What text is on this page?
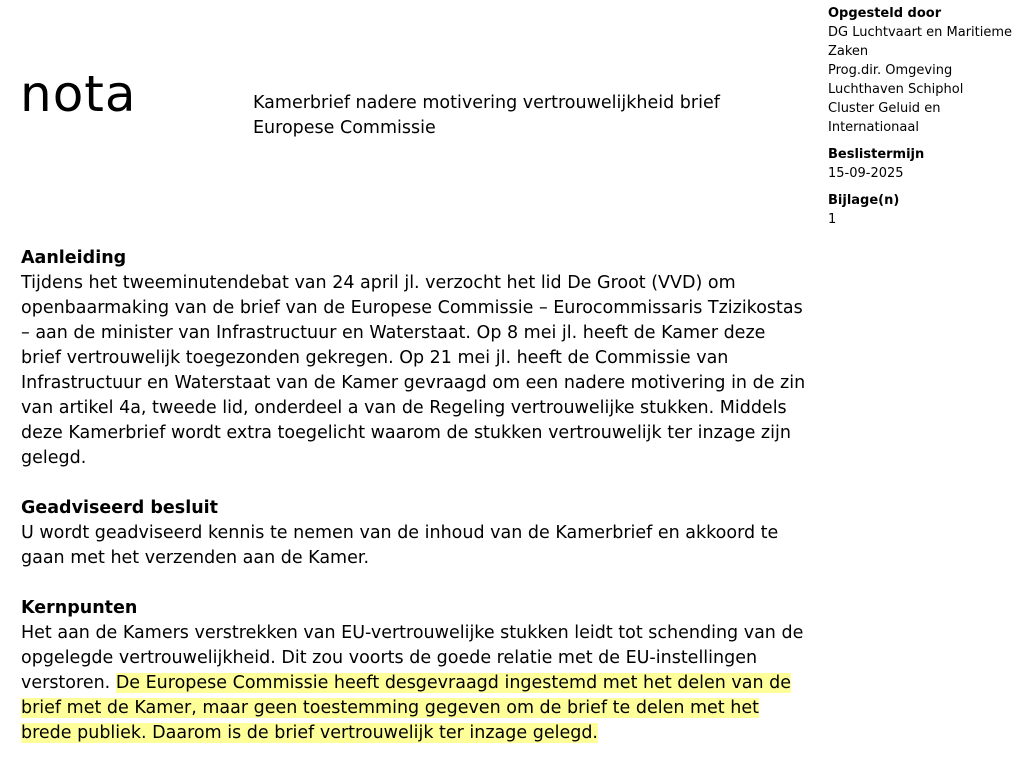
nota	Kamerbrief nadere motivering vertrouwelijkheid brief Europese Commissie
Opgesteld door
DG Luchtvaart en Maritieme Zaken
Prog.dir. Omgeving Luchthaven Schiphol
Cluster Geluid en Internationaal
Beslistermijn
15-09-2025
Bijlage(n)
1
Aanleiding

Tijdens het tweeminutendebat van 24 april jl. verzocht het lid De Groot (VVD) om openbaarmaking van de brief van de Europese Commissie – Eurocommissaris Tzizikostas – aan de minister van Infrastructuur en Waterstaat. Op 8 mei jl. heeft de Kamer deze brief vertrouwelijk toegezonden gekregen. Op 21 mei jl. heeft de Commissie van Infrastructuur en Waterstaat van de Kamer gevraagd om een nadere motivering in de zin van artikel 4a, tweede lid, onderdeel a van de Regeling vertrouwelijke stukken. Middels deze Kamerbrief wordt extra toegelicht waarom de stukken vertrouwelijk ter inzage zijn gelegd.

Geadviseerd besluit

U wordt geadviseerd kennis te nemen van de inhoud van de Kamerbrief en akkoord te gaan met het verzenden aan de Kamer.

Kernpunten

Het aan de Kamers verstrekken van EU-vertrouwelijke stukken leidt tot schending van de opgelegde vertrouwelijkheid. Dit zou voorts de goede relatie met de EU-instellingen verstoren. De Europese Commissie heeft desgevraagd ingestemd met het delen van de brief met de Kamer, maar geen toestemming gegeven om de brief te delen met het brede publiek. Daarom is de brief vertrouwelijk ter inzage gelegd.
